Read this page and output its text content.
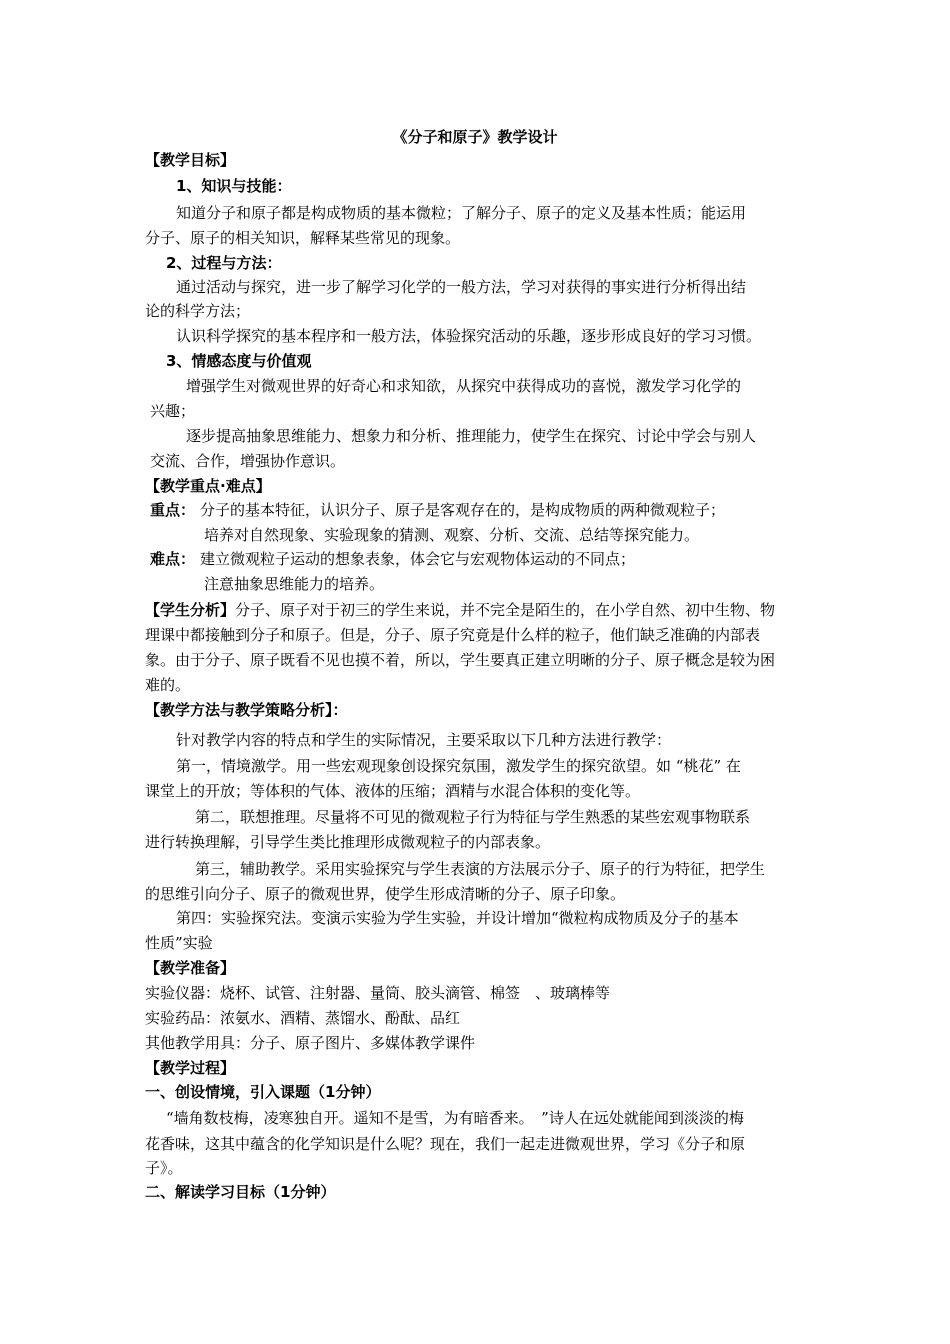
《分子和原子》教学设计
【教学目标】
1、知识与技能：
知道分子和原子都是构成物质的基本微粒；了解分子、原子的定义及基本性质；能运用
分子、原子的相关知识，解释某些常见的现象。
2、过程与方法：
通过活动与探究，进一步了解学习化学的一般方法，学习对获得的事实进行分析得出结
论的科学方法；
认识科学探究的基本程序和一般方法，体验探究活动的乐趣，逐步形成良好的学习习惯。
3、情感态度与价值观
增强学生对微观世界的好奇心和求知欲，从探究中获得成功的喜悦，激发学习化学的
兴趣；
逐步提高抽象思维能力、想象力和分析、推理能力，使学生在探究、讨论中学会与别人
交流、合作，增强协作意识。
【教学重点·难点】
重点： 分子的基本特征，认识分子、原子是客观存在的，是构成物质的两种微观粒子；
培养对自然现象、实验现象的猜测、观察、分析、交流、总结等探究能力。
难点： 建立微观粒子运动的想象表象，体会它与宏观物体运动的不同点；
注意抽象思维能力的培养。
【学生分析】分子、原子对于初三的学生来说，并不完全是陌生的，在小学自然、初中生物、物
理课中都接触到分子和原子。但是，分子、原子究竟是什么样的粒子，他们缺乏准确的内部表
象。由于分子、原子既看不见也摸不着，所以，学生要真正建立明晰的分子、原子概念是较为困
难的。
【教学方法与教学策略分析】：
针对教学内容的特点和学生的实际情况，主要采取以下几种方法进行教学：
第一，情境激学。用一些宏观现象创设探究氛围，激发学生的探究欲望。如 “桃花” 在
课堂上的开放；等体积的气体、液体的压缩；酒精与水混合体积的变化等。
第二，联想推理。尽量将不可见的微观粒子行为特征与学生熟悉的某些宏观事物联系
进行转换理解，引导学生类比推理形成微观粒子的内部表象。
第三，辅助教学。采用实验探究与学生表演的方法展示分子、原子的行为特征，把学生
的思维引向分子、原子的微观世界，使学生形成清晰的分子、原子印象。
第四：实验探究法。变演示实验为学生实验，并设计增加“微粒构成物质及分子的基本
性质”实验
【教学准备】
实验仪器：烧杯、试管、注射器、量筒、胶头滴管、棉签　、玻璃棒等
实验药品：浓氨水、酒精、蒸馏水、酚酞、品红
其他教学用具：分子、原子图片、多媒体教学课件
【教学过程】
一、创设情境，引入课题（1分钟）
“墙角数枝梅，凌寒独自开。遥知不是雪，为有暗香来。　”诗人在远处就能闻到淡淡的梅
花香味，这其中蕴含的化学知识是什么呢？现在，我们一起走进微观世界，学习《分子和原
子》。
二、解读学习目标（1分钟）
